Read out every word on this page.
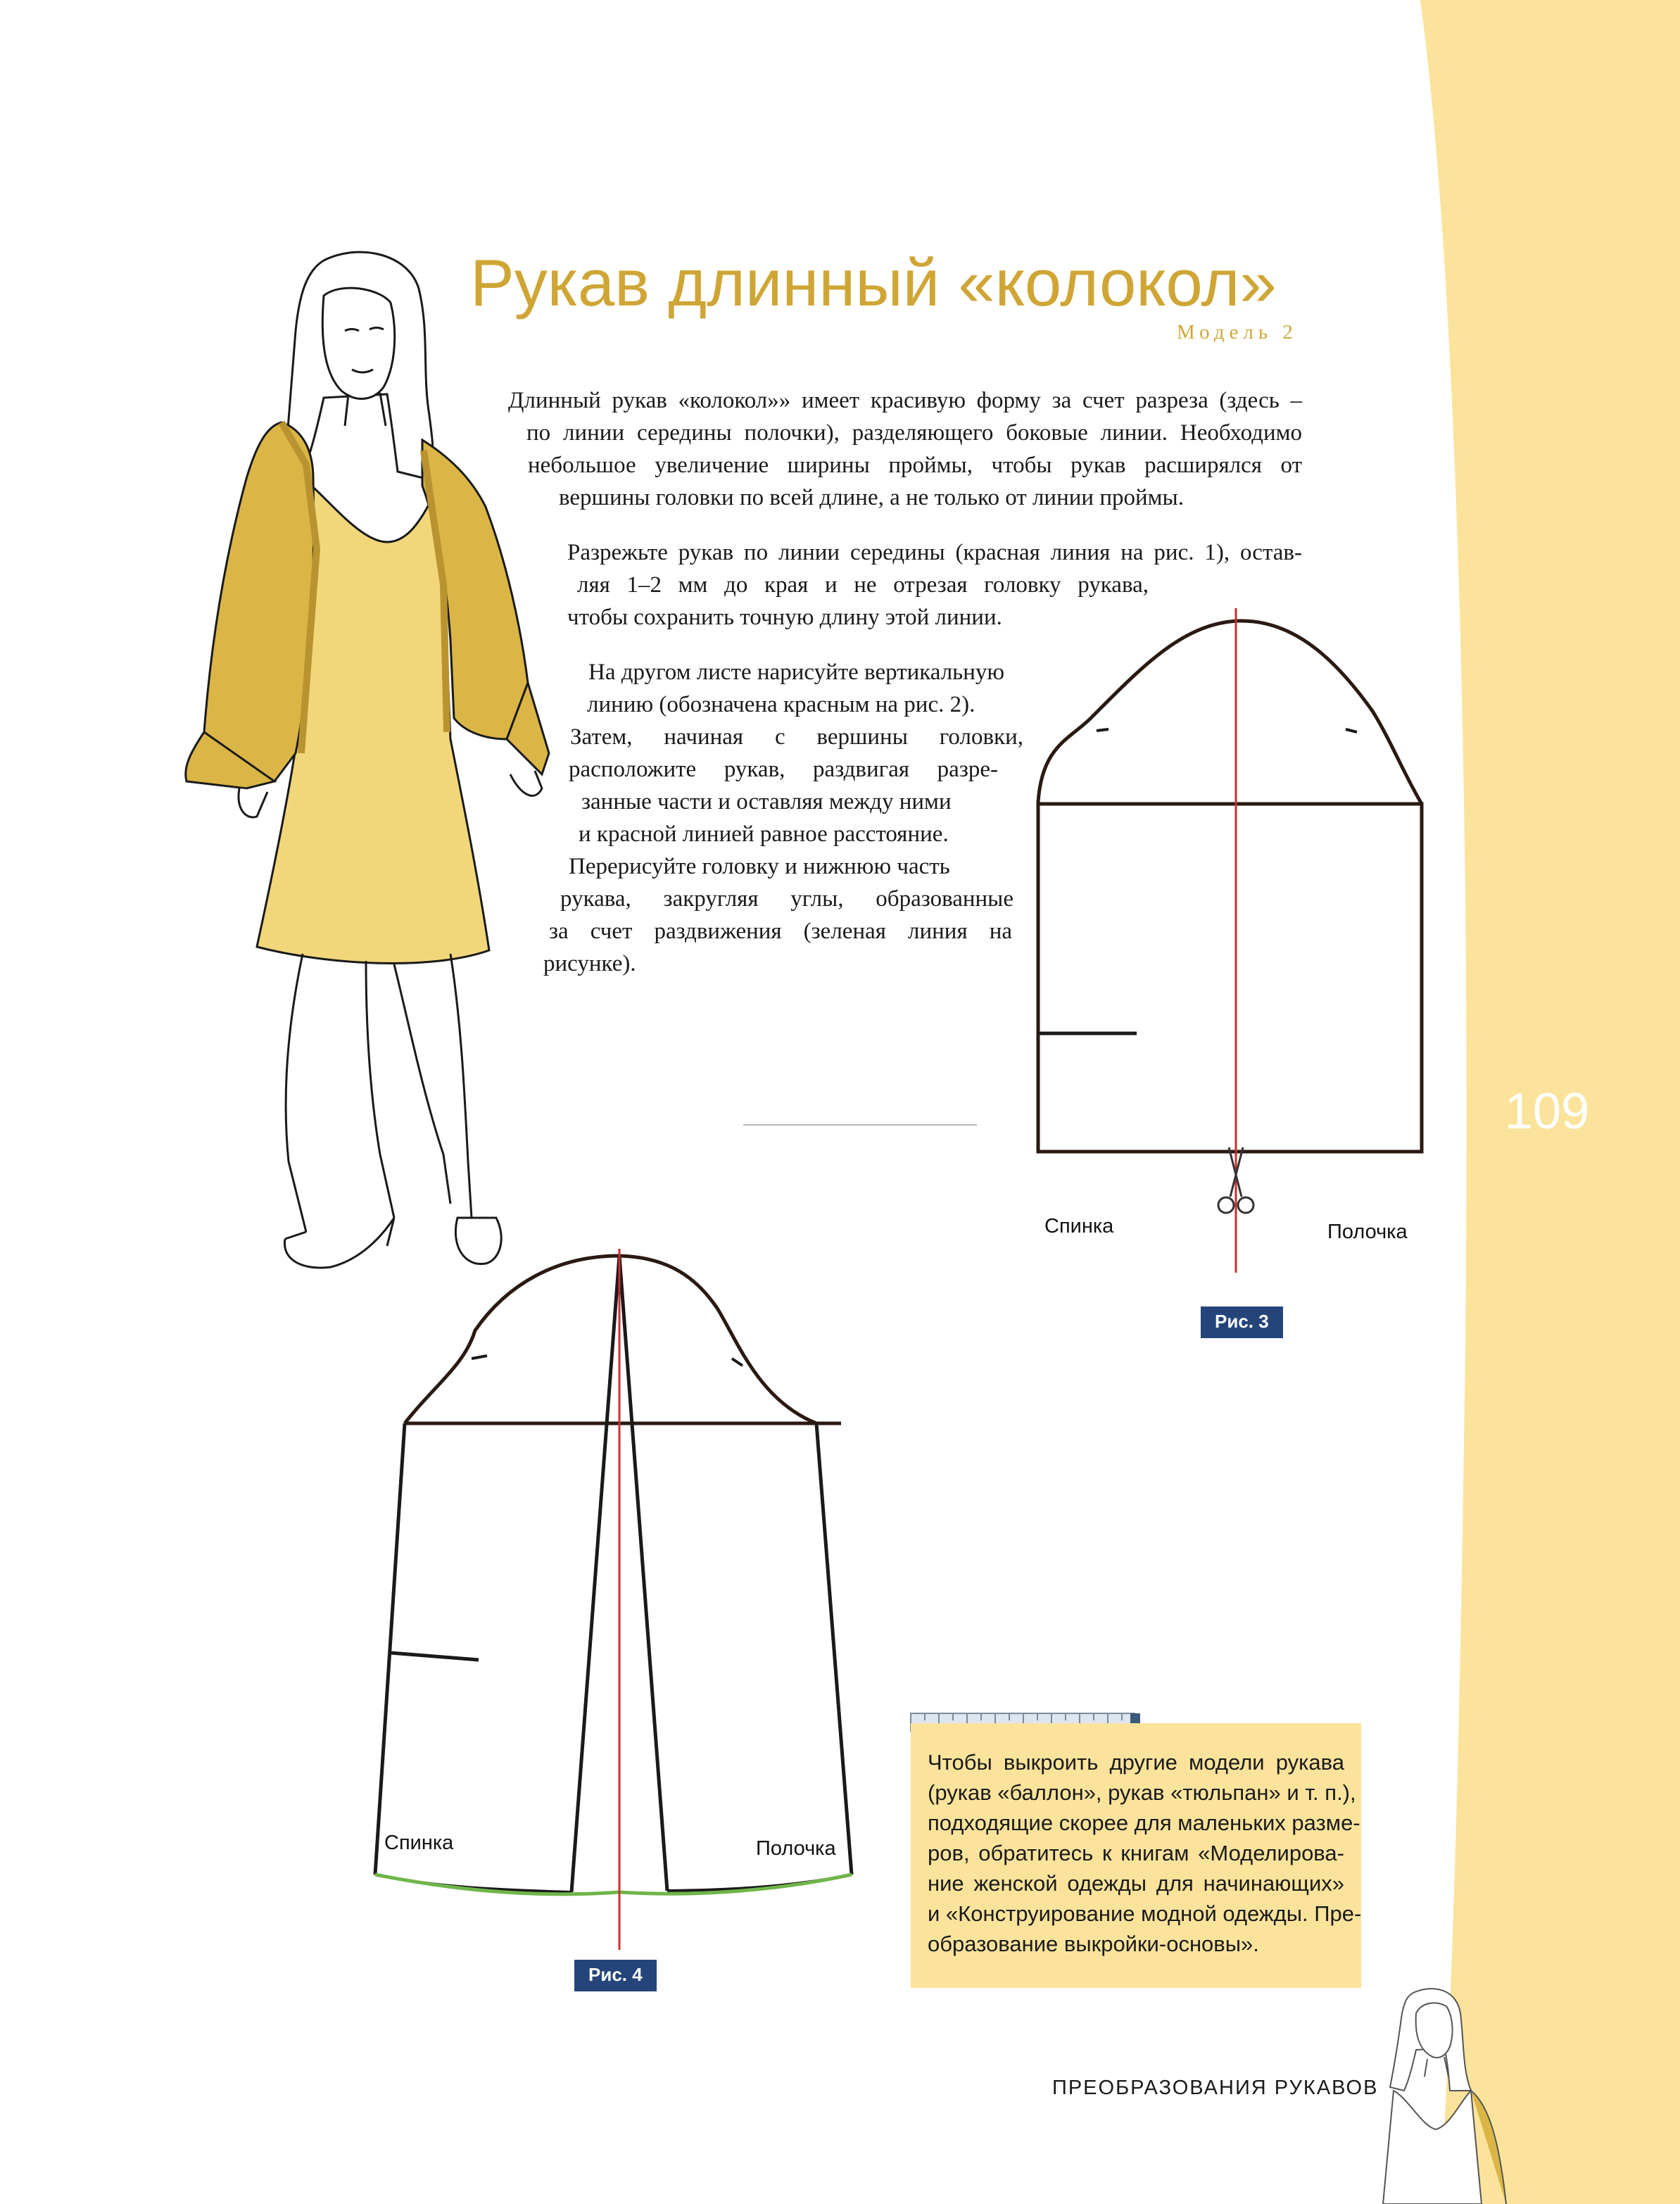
Рукав длинный «колокол»
Модель 2
Длинный рукав «колокол»» имеет красивую форму за счет разреза (здесь –
по линии середины полочки), разделяющего боковые линии. Необходимо
небольшое увеличение ширины проймы, чтобы рукав расширялся от
вершины головки по всей длине, а не только от линии проймы.
Разрежьте рукав по линии середины (красная линия на рис. 1), остав-
ляя 1–2 мм до края и не отрезая головку рукава,
чтобы сохранить точную длину этой линии.
На другом листе нарисуйте вертикальную
линию (обозначена красным на рис. 2).
Затем, начиная с вершины головки,
расположите рукав, раздвигая разре-
занные части и оставляя между ними
и красной линией равное расстояние.
Перерисуйте головку и нижнюю часть
рукава, закругляя углы, образованные
за счет раздвижения (зеленая линия на
рисунке).
Спинка	Полочка
Рис. 3
Спинка	Полочка
Рис. 4
Чтобы выкроить другие модели рукава
(рукав «баллон», рукав «тюльпан» и т. п.),
подходящие скорее для маленьких разме-
ров, обратитесь к книгам «Моделирова-
ние женской одежды для начинающих»
и «Конструирование модной одежды. Пре-
образование выкройки-основы».
109
ПРЕОБРАЗОВАНИЯ РУКАВОВ
